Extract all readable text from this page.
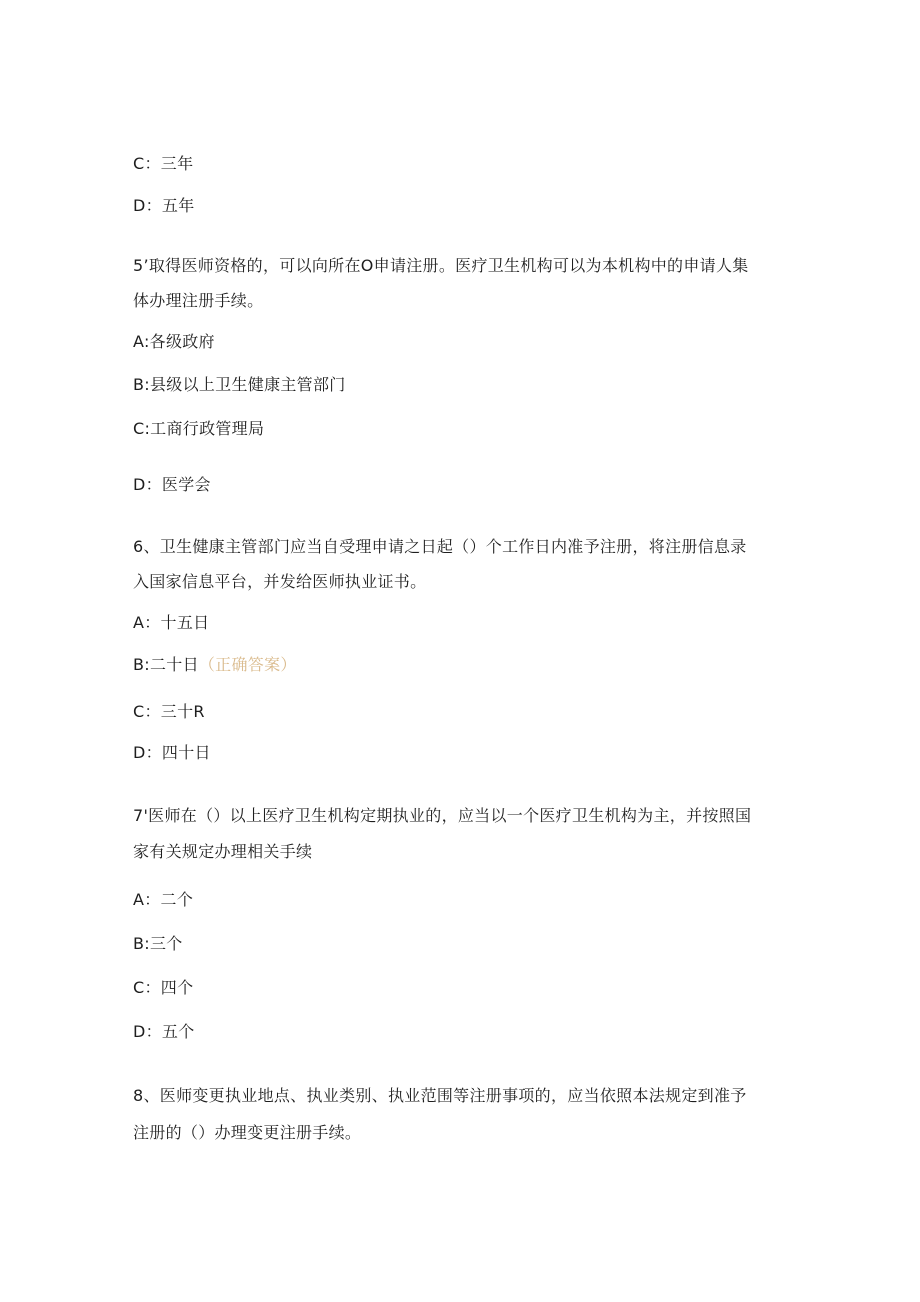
C：三年
D：五年
5’取得医师资格的，可以向所在O申请注册。医疗卫生机构可以为本机构中的申请人集
体办理注册手续。
A:各级政府
B:县级以上卫生健康主管部门
C:工商行政管理局
D：医学会
6、卫生健康主管部门应当自受理申请之日起（）个工作日内准予注册，将注册信息录
入国家信息平台，并发给医师执业证书。
A：十五日
B:二十日（正确答案）
C：三十R
D：四十日
7'医师在（）以上医疗卫生机构定期执业的，应当以一个医疗卫生机构为主，并按照国
家有关规定办理相关手续
A：二个
B:三个
C：四个
D：五个
8、医师变更执业地点、执业类别、执业范围等注册事项的，应当依照本法规定到准予
注册的（）办理变更注册手续。
